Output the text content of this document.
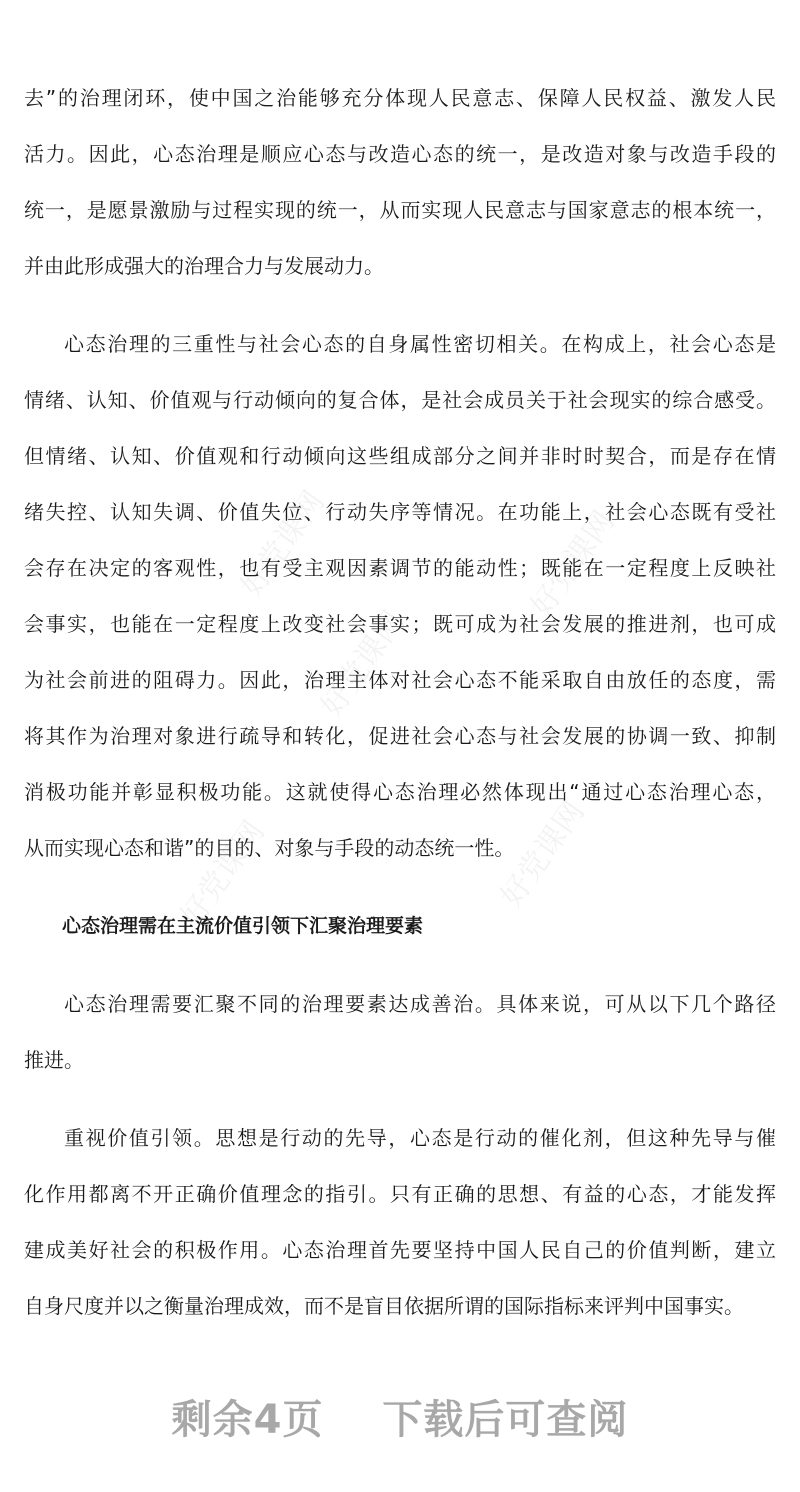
去”的治理闭环，使中国之治能够充分体现人民意志、保障人民权益、激发人民
活力。因此，心态治理是顺应心态与改造心态的统一，是改造对象与改造手段的
统一，是愿景激励与过程实现的统一，从而实现人民意志与国家意志的根本统一，
并由此形成强大的治理合力与发展动力。
心态治理的三重性与社会心态的自身属性密切相关。在构成上，社会心态是
情绪、认知、价值观与行动倾向的复合体，是社会成员关于社会现实的综合感受。
但情绪、认知、价值观和行动倾向这些组成部分之间并非时时契合，而是存在情
绪失控、认知失调、价值失位、行动失序等情况。在功能上，社会心态既有受社
会存在决定的客观性，也有受主观因素调节的能动性；既能在一定程度上反映社
会事实，也能在一定程度上改变社会事实；既可成为社会发展的推进剂，也可成
为社会前进的阻碍力。因此，治理主体对社会心态不能采取自由放任的态度，需
将其作为治理对象进行疏导和转化，促进社会心态与社会发展的协调一致、抑制
消极功能并彰显积极功能。这就使得心态治理必然体现出“通过心态治理心态，
从而实现心态和谐”的目的、对象与手段的动态统一性。
心态治理需在主流价值引领下汇聚治理要素
心态治理需要汇聚不同的治理要素达成善治。具体来说，可从以下几个路径
推进。
重视价值引领。思想是行动的先导，心态是行动的催化剂，但这种先导与催
化作用都离不开正确价值理念的指引。只有正确的思想、有益的心态，才能发挥
建成美好社会的积极作用。心态治理首先要坚持中国人民自己的价值判断，建立
自身尺度并以之衡量治理成效，而不是盲目依据所谓的国际指标来评判中国事实。
剩余4页 下载后可查阅
好党课网	好党课网
好党课网
好党课网
好党课网
